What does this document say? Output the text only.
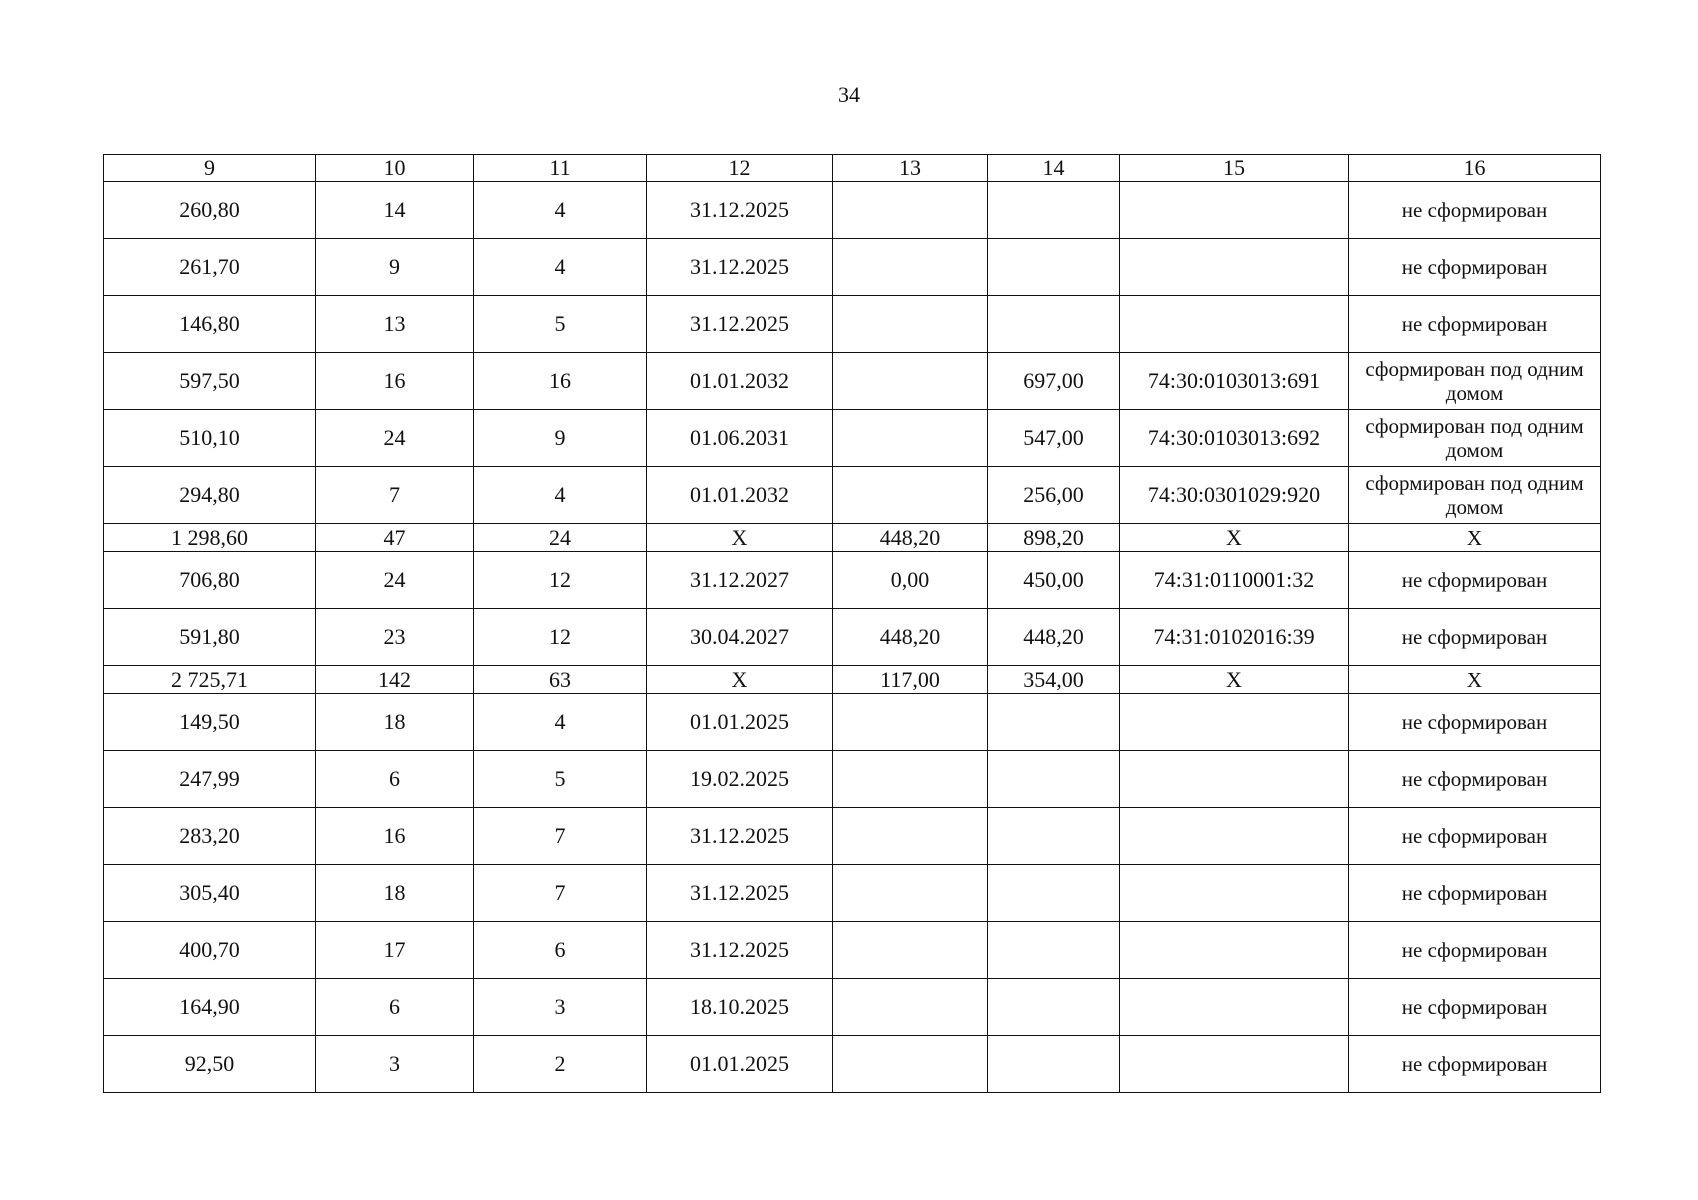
34
9	10	11	12	13	14	15	16
260,80	14	4	31.12.2025				не сформирован
261,70	9	4	31.12.2025				не сформирован
146,80	13	5	31.12.2025				не сформирован
597,50	16	16	01.01.2032		697,00	74:30:0103013:691	сформирован под одним домом
510,10	24	9	01.06.2031		547,00	74:30:0103013:692	сформирован под одним домом
294,80	7	4	01.01.2032		256,00	74:30:0301029:920	сформирован под одним домом
1 298,60	47	24	X	448,20	898,20	X	X
706,80	24	12	31.12.2027	0,00	450,00	74:31:0110001:32	не сформирован
591,80	23	12	30.04.2027	448,20	448,20	74:31:0102016:39	не сформирован
2 725,71	142	63	X	117,00	354,00	X	X
149,50	18	4	01.01.2025				не сформирован
247,99	6	5	19.02.2025				не сформирован
283,20	16	7	31.12.2025				не сформирован
305,40	18	7	31.12.2025				не сформирован
400,70	17	6	31.12.2025				не сформирован
164,90	6	3	18.10.2025				не сформирован
92,50	3	2	01.01.2025				не сформирован
